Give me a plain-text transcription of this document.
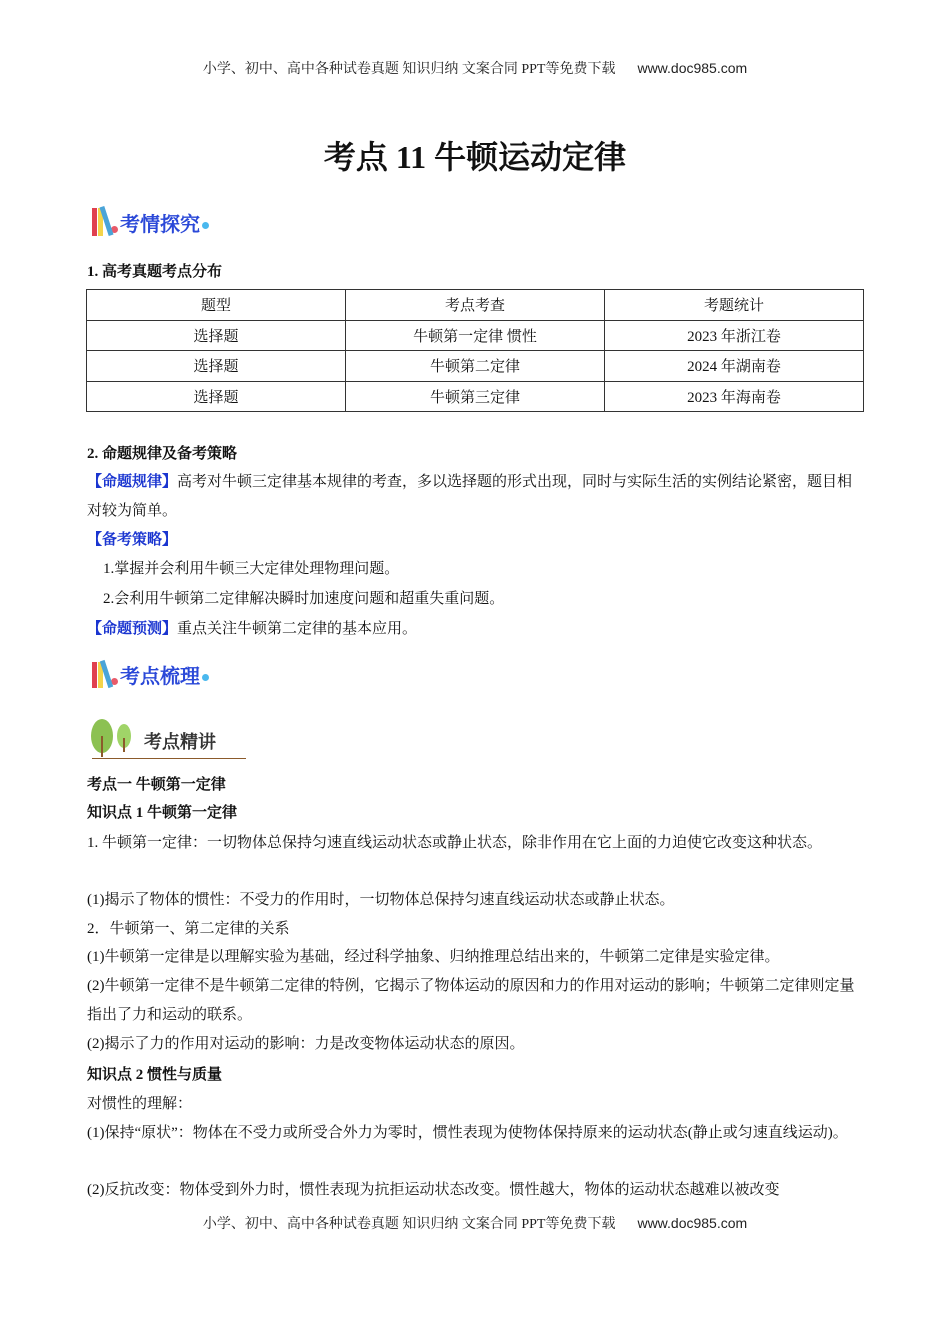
小学、初中、高中各种试卷真题 知识归纳 文案合同 PPT等免费下载 www.doc985.com
考点 11 牛顿运动定律
考情探究
1. 高考真题考点分布
题型	考点考查	考题统计
选择题	牛顿第一定律 惯性	2023 年浙江卷
选择题	牛顿第二定律	2024 年湖南卷
选择题	牛顿第三定律	2023 年海南卷
2. 命题规律及备考策略
【命题规律】高考对牛顿三定律基本规律的考查，多以选择题的形式出现，同时与实际生活的实例结论紧密，题目相对较为简单。
【备考策略】
1.掌握并会利用牛顿三大定律处理物理问题。
2.会利用牛顿第二定律解决瞬时加速度问题和超重失重问题。
【命题预测】重点关注牛顿第二定律的基本应用。
考点梳理
考点精讲
考点一 牛顿第一定律
知识点 1 牛顿第一定律
1. 牛顿第一定律：一切物体总保持匀速直线运动状态或静止状态，除非作用在它上面的力迫使它改变这种状态。
(1)揭示了物体的惯性：不受力的作用时，一切物体总保持匀速直线运动状态或静止状态。
2．牛顿第一、第二定律的关系
(1)牛顿第一定律是以理解实验为基础，经过科学抽象、归纳推理总结出来的，牛顿第二定律是实验定律。
(2)牛顿第一定律不是牛顿第二定律的特例，它揭示了物体运动的原因和力的作用对运动的影响；牛顿第二定律则定量指出了力和运动的联系。
(2)揭示了力的作用对运动的影响：力是改变物体运动状态的原因。
知识点 2 惯性与质量
对惯性的理解：
(1)保持“原状”：物体在不受力或所受合外力为零时，惯性表现为使物体保持原来的运动状态(静止或匀速直线运动)。
(2)反抗改变：物体受到外力时，惯性表现为抗拒运动状态改变。惯性越大，物体的运动状态越难以被改变
小学、初中、高中各种试卷真题 知识归纳 文案合同 PPT等免费下载 www.doc985.com
